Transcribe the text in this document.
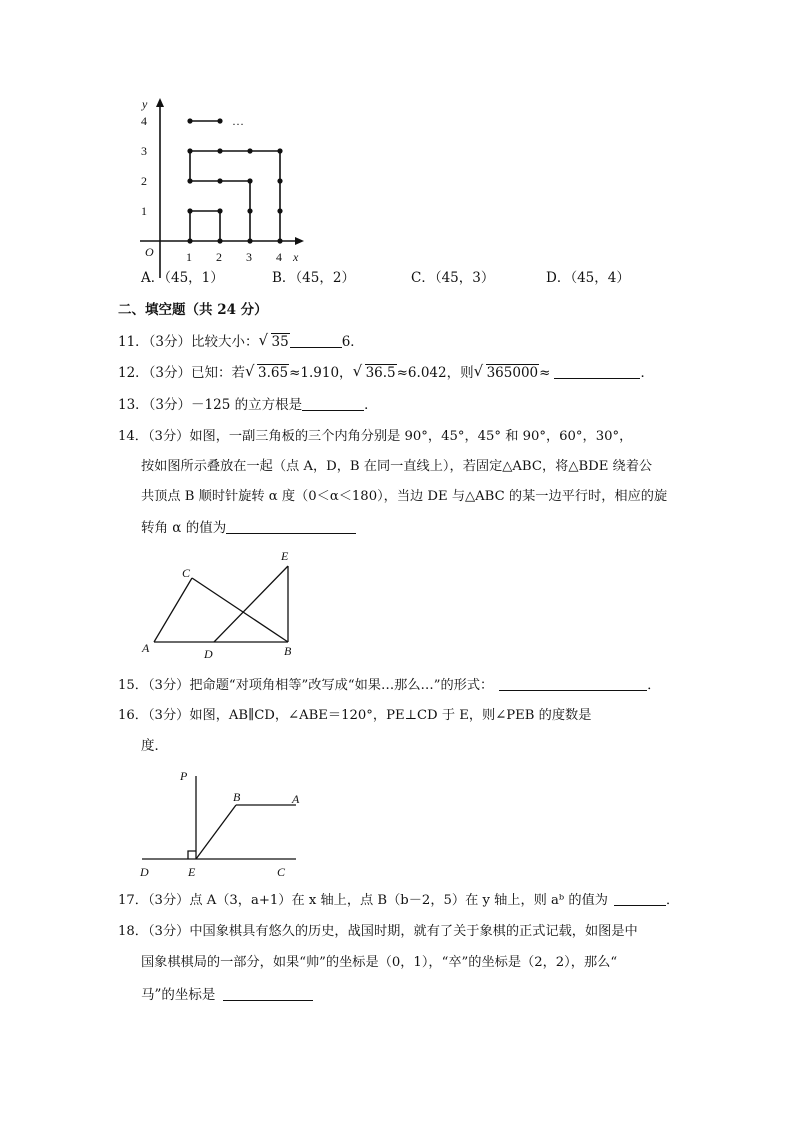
y
x
O	1 2 3 4
1
2
3
4	…
A．（45，1）	B．（45，2）	C．（45，3）	D．（45，4）
二、填空题（共 24 分）
11．（3分）比较大小： √ 35	6．
12．（3分）已知：若 √ 3.65≈1.910， √ 36.5≈6.042，则 √ 365000≈	．
13．（3分）－125 的立方根是	．
14．（3分）如图，一副三角板的三个内角分别是 90°，45°，45° 和 90°，60°，30°，
按如图所示叠放在一起（点 A，D，B 在同一直线上），若固定△ABC，将△BDE 绕着公
共顶点 B 顺时针旋转 α 度（0＜α＜180），当边 DE 与△ABC 的某一边平行时，相应的旋
转角 α 的值为
C
E
A	D	B
15．（3分）把命题“对项角相等”改写成“如果…那么…”的形式：	．
16．（3分）如图，AB∥CD，∠ABE＝120°，PE⊥CD 于 E，则∠PEB 的度数是
度．
P
B	A
D	E	C
17．（3分）点 A（3，a+1）在 x 轴上，点 B（b－2，5）在 y 轴上，则 aᵇ 的值为	．
18．（3分）中国象棋具有悠久的历史，战国时期，就有了关于象棋的正式记载，如图是中
国象棋棋局的一部分，如果“帅”的坐标是（0，1），“卒”的坐标是（2，2），那么“
马”的坐标是
